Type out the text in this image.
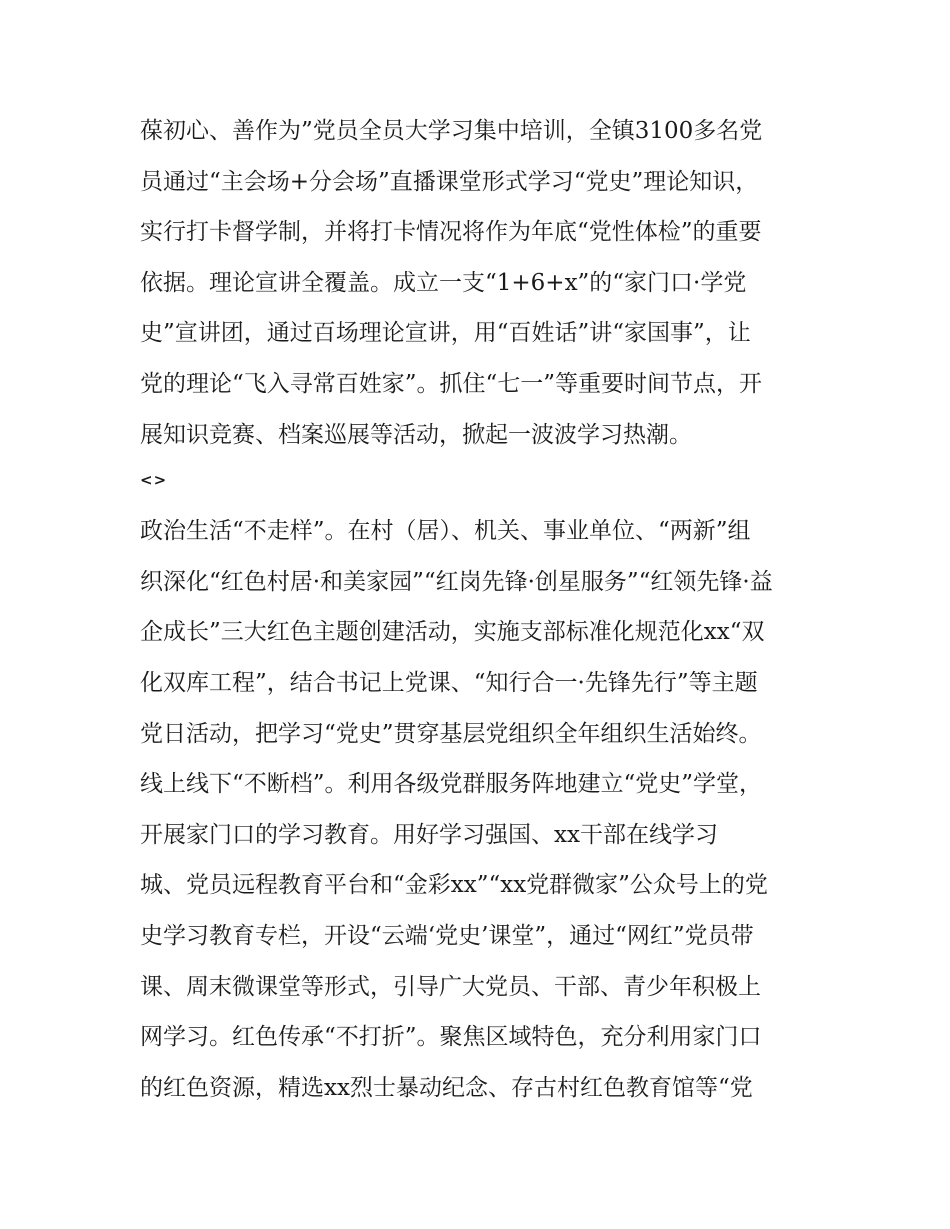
葆初心、善作为”党员全员大学习集中培训，全镇3100多名党
员通过“主会场+分会场”直播课堂形式学习“党史”理论知识，
实行打卡督学制，并将打卡情况将作为年底“党性体检”的重要
依据。理论宣讲全覆盖。成立一支“1+6+x”的“家门口·学党
史”宣讲团，通过百场理论宣讲，用“百姓话”讲“家国事”，让
党的理论“飞入寻常百姓家”。抓住“七一”等重要时间节点，开
展知识竞赛、档案巡展等活动，掀起一波波学习热潮。
<>
政治生活“不走样”。在村（居）、机关、事业单位、“两新”组
织深化“红色村居·和美家园”“红岗先锋·创星服务”“红领先锋·益
企成长”三大红色主题创建活动，实施支部标准化规范化xx“双
化双库工程”，结合书记上党课、“知行合一·先锋先行”等主题
党日活动，把学习“党史”贯穿基层党组织全年组织生活始终。
线上线下“不断档”。利用各级党群服务阵地建立“党史”学堂，
开展家门口的学习教育。用好学习强国、xx干部在线学习
城、党员远程教育平台和“金彩xx”“xx党群微家”公众号上的党
史学习教育专栏，开设“云端‘党史’课堂”，通过“网红”党员带
课、周末微课堂等形式，引导广大党员、干部、青少年积极上
网学习。红色传承“不打折”。聚焦区域特色，充分利用家门口
的红色资源，精选xx烈士暴动纪念、存古村红色教育馆等“党
